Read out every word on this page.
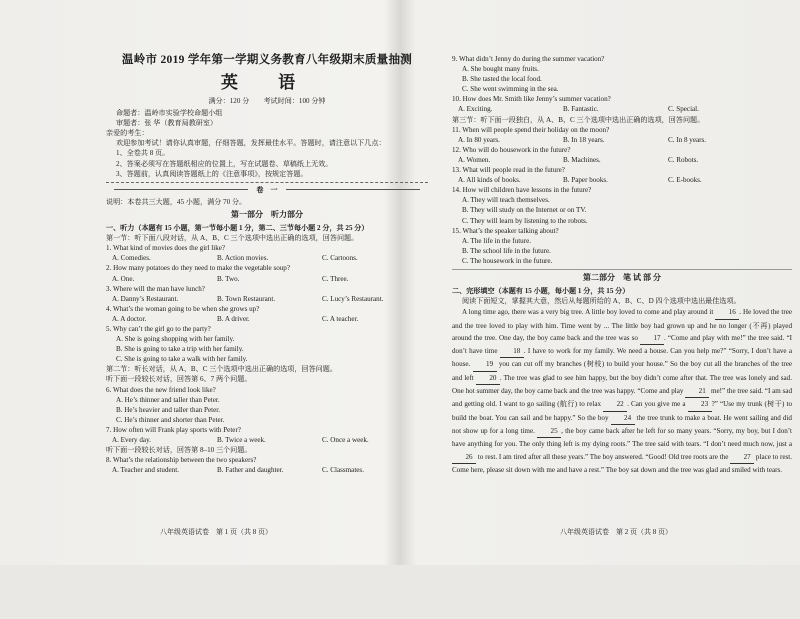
温岭市 2019 学年第一学期义务教育八年级期末质量抽测
英 语
满分：120 分　　考试时间：100 分钟
命题者：温岭市实验学校命题小组
审题者：张 华（教育局教研室）
亲爱的考生：
欢迎参加考试！请你认真审题，仔细答题，发挥最佳水平。答题时，请注意以下几点：
1、全卷共 8 页。
2、答案必须写在答题纸相应的位置上，写在试题卷、草稿纸上无效。
3、答题前，认真阅读答题纸上的《注意事项》，按规定答题。
卷　一
说明：本卷共三大题，45 小题，满分 70 分。
第一部分　听力部分
一、听力（本题有 15 小题，第一节每小题 1 分，第二、三节每小题 2 分，共 25 分）
第一节：听下面八段对话，从 A、B、C 三个选项中选出正确的选项，回答问题。
1. What kind of movies does the girl like?
A. Comedies.	B. Action movies.	C. Cartoons.
2. How many potatoes do they need to make the vegetable soup?
A. One.	B. Two.	C. Three.
3. Where will the man have lunch?
A. Danny’s Restaurant.	B. Town Restaurant.	C. Lucy’s Restaurant.
4. What’s the woman going to be when she grows up?
A. A doctor.	B. A driver.	C. A teacher.
5. Why can’t the girl go to the party?
A. She is going shopping with her family.
B. She is going to take a trip with her family.
C. She is going to take a walk with her family.
第二节：听长对话，从 A、B、C 三个选项中选出正确的选项，回答问题。
听下面一段较长对话，回答第 6、7 两个问题。
6. What does the new friend look like?
A. He’s thinner and taller than Peter.
B. He’s heavier and taller than Peter.
C. He’s thinner and shorter than Peter.
7. How often will Frank play sports with Peter?
A. Every day.	B. Twice a week.	C. Once a week.
听下面一段较长对话，回答第 8–10 三个问题。
8. What’s the relationship between the two speakers?
A. Teacher and student.	B. Father and daughter.	C. Classmates.
八年级英语试卷　第 1 页（共 8 页）
9. What didn’t Jenny do during the summer vacation?
A. She bought many fruits.
B. She tasted the local food.
C. She went swimming in the sea.
10. How does Mr. Smith like Jenny’s summer vacation?
A. Exciting.	B. Fantastic.	C. Special.
第三节：听下面一段独白，从 A、B、C 三个选项中选出正确的选项，回答问题。
11. When will people spend their holiday on the moon?
A. In 80 years.	B. In 18 years.	C. In 8 years.
12. Who will do housework in the future?
A. Women.	B. Machines.	C. Robots.
13. What will people read in the future?
A. All kinds of books.	B. Paper books.	C. E-books.
14. How will children have lessons in the future?
A. They will teach themselves.
B. They will study on the Internet or on TV.
C. They will learn by listening to the robots.
15. What’s the speaker talking about?
A. The life in the future.
B. The school life in the future.
C. The housework in the future.
第二部分　笔 试 部 分
二、完形填空（本题有 15 小题，每小题 1 分，共 15 分）
阅读下面短文，掌握其大意，然后从每题所给的 A、B、C、D 四个选项中选出最佳选项。
A long time ago, there was a very big tree. A little boy loved to come and play around it 16 . He loved the tree and the tree loved to play with him. Time went by ... The little boy had grown up and he no longer (不再) played around the tree. One day, the boy came back and the tree was so 17 . “Come and play with me!” the tree said. “I don’t have time 18 . I have to work for my family. We need a house. Can you help me?” “Sorry, I don’t have a house. 19 you can cut off my branches (树枝) to build your house.” So the boy cut all the branches of the tree and left 20 . The tree was glad to see him happy, but the boy didn’t come after that. The tree was lonely and sad. One hot summer day, the boy came back and the tree was happy. “Come and play 21 me!” the tree said. “I am sad and getting old. I want to go sailing (航行) to relax 22 . Can you give me a 23 ?” “Use my trunk (树干) to build the boat. You can sail and be happy.” So the boy 24 the tree trunk to make a boat. He went sailing and did not show up for a long time. 25 , the boy came back after he left for so many years. “Sorry, my boy, but I don’t have anything for you. The only thing left is my dying roots.” The tree said with tears. “I don’t need much now, just a 26 to rest. I am tired after all these years.” The boy answered. “Good! Old tree roots are the 27 place to rest. Come here, please sit down with me and have a rest.” The boy sat down and the tree was glad and smiled with tears.
八年级英语试卷　第 2 页（共 8 页）
